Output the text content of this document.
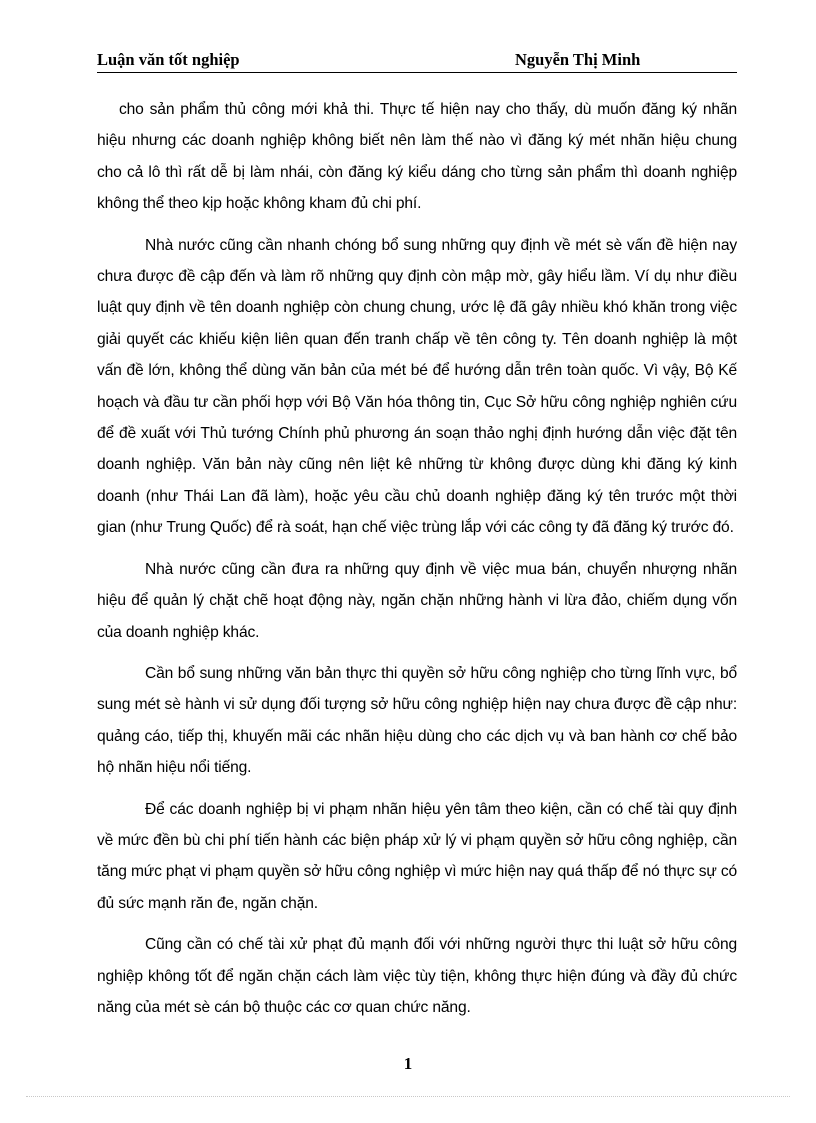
Luận văn tốt nghiệp	Nguyễn Thị Minh

cho sản phẩm thủ công mới khả thi. Thực tế hiện nay cho thấy, dù muốn đăng ký nhãn hiệu nhưng các doanh nghiệp không biết nên làm thế nào vì đăng ký mét nhãn hiệu chung cho cả lô thì rất dễ bị làm nhái, còn đăng ký kiểu dáng cho từng sản phẩm thì doanh nghiệp không thể theo kịp hoặc không kham đủ chi phí.

Nhà nước cũng cần nhanh chóng bổ sung những quy định về mét sè vấn đề hiện nay chưa được đề cập đến và làm rõ những quy định còn mập mờ, gây hiểu lầm. Ví dụ như điều luật quy định về tên doanh nghiệp còn chung chung, ước lệ đã gây nhiều khó khăn trong việc giải quyết các khiếu kiện liên quan đến tranh chấp về tên công ty. Tên doanh nghiệp là một vấn đề lớn, không thể dùng văn bản của mét bé để hướng dẫn trên toàn quốc. Vì vậy, Bộ Kế hoạch và đầu tư cần phối hợp với Bộ Văn hóa thông tin, Cục Sở hữu công nghiệp nghiên cứu để đề xuất với Thủ tướng Chính phủ phương án soạn thảo nghị định hướng dẫn việc đặt tên doanh nghiệp. Văn bản này cũng nên liệt kê những từ không được dùng khi đăng ký kinh doanh (như Thái Lan đã làm), hoặc yêu cầu chủ doanh nghiệp đăng ký tên trước một thời gian (như Trung Quốc) để rà soát, hạn chế việc trùng lắp với các công ty đã đăng ký trước đó.

Nhà nước cũng cần đưa ra những quy định về việc mua bán, chuyển nhượng nhãn hiệu để quản lý chặt chẽ hoạt động này, ngăn chặn những hành vi lừa đảo, chiếm dụng vốn của doanh nghiệp khác.

Cần bổ sung những văn bản thực thi quyền sở hữu công nghiệp cho từng lĩnh vực, bổ sung mét sè hành vi sử dụng đối tượng sở hữu công nghiệp hiện nay chưa được đề cập như: quảng cáo, tiếp thị, khuyến mãi các nhãn hiệu dùng cho các dịch vụ và ban hành cơ chế bảo hộ nhãn hiệu nổi tiếng.

Để các doanh nghiệp bị vi phạm nhãn hiệu yên tâm theo kiện, cần có chế tài quy định về mức đền bù chi phí tiến hành các biện pháp xử lý vi phạm quyền sở hữu công nghiệp, cần tăng mức phạt vi phạm quyền sở hữu công nghiệp vì mức hiện nay quá thấp để nó thực sự có đủ sức mạnh răn đe, ngăn chặn.

Cũng cần có chế tài xử phạt đủ mạnh đối với những người thực thi luật sở hữu công nghiệp không tốt để ngăn chặn cách làm việc tùy tiện, không thực hiện đúng và đầy đủ chức năng của mét sè cán bộ thuộc các cơ quan chức năng.

1
